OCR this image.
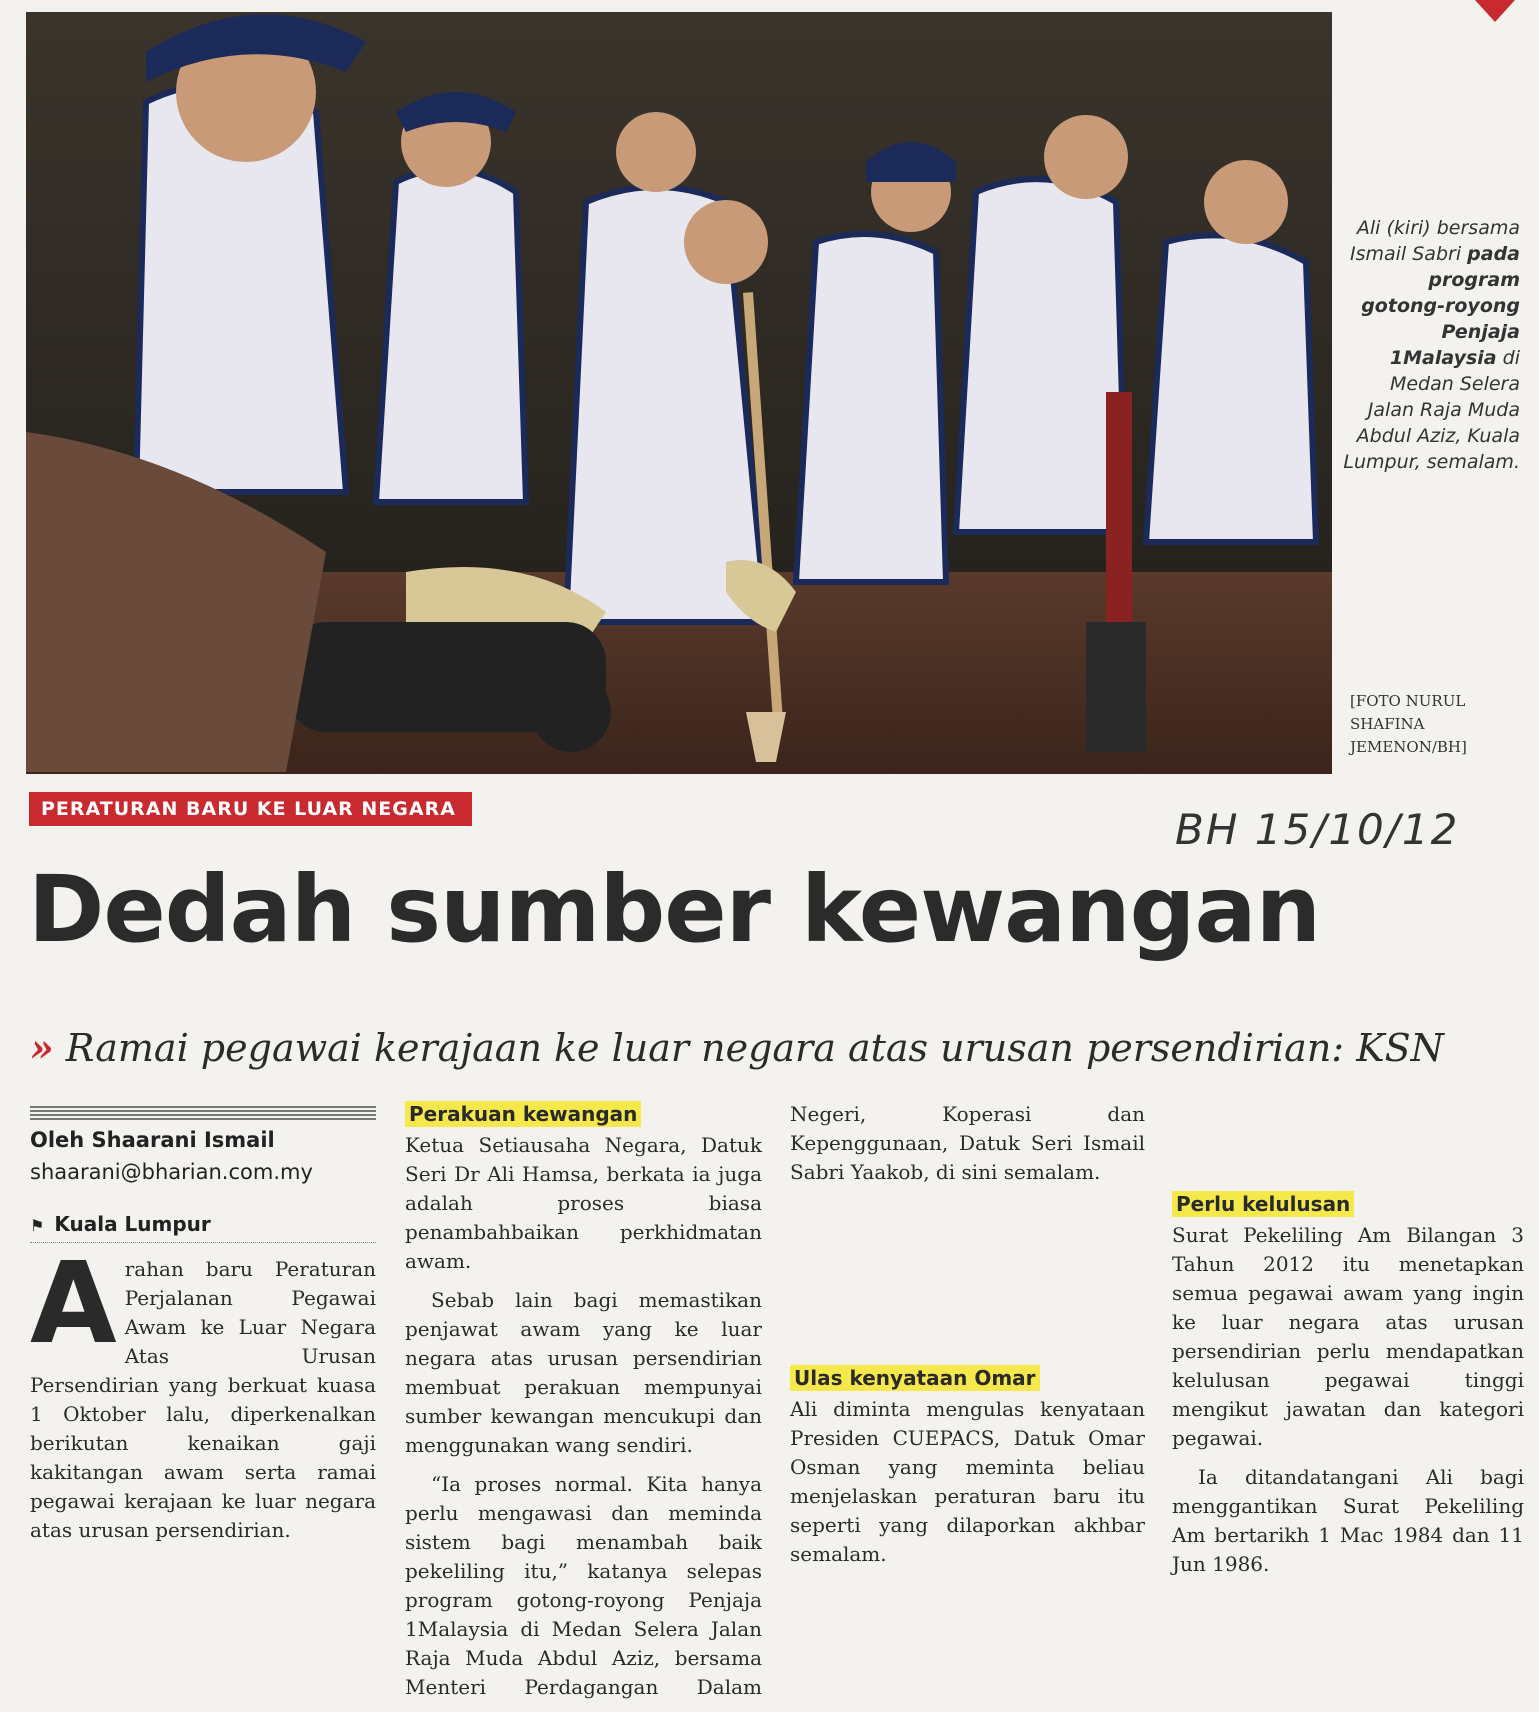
Ali (kiri) bersama Ismail Sabri pada program gotong-royong Penjaja 1Malaysia di Medan Selera Jalan Raja Muda Abdul Aziz, Kuala Lumpur, semalam.
[FOTO NURUL SHAFINA JEMENON/BH]
PERATURAN BARU KE LUAR NEGARA	BH 15/10/12
Dedah sumber kewangan
» Ramai pegawai kerajaan ke luar negara atas urusan persendirian: KSN
Oleh Shaarani Ismail
shaarani@bharian.com.my
⚑ Kuala Lumpur

Arahan baru Peraturan Perjalanan Pegawai Awam ke Luar Negara Atas Urusan Persendirian yang berkuat kuasa 1 Oktober lalu, diperkenalkan berikutan kenaikan gaji kakitangan awam serta ramai pegawai kerajaan ke luar negara atas urusan persendirian.

Perakuan kewangan

Ketua Setiausaha Negara, Datuk Seri Dr Ali Hamsa, berkata ia juga adalah proses biasa penambahbaikan perkhidmatan awam.

Sebab lain bagi memastikan penjawat awam yang ke luar negara atas urusan persendirian membuat perakuan mempunyai sumber kewangan mencukupi dan menggunakan wang sendiri.

“Ia proses normal. Kita hanya perlu mengawasi dan meminda sistem bagi menambah baik pekeliling itu,” katanya selepas program gotong-royong Penjaja 1Malaysia di Medan Selera Jalan Raja Muda Abdul Aziz, bersama Menteri Perdagangan Dalam

Negeri, Koperasi dan Kepenggunaan, Datuk Seri Ismail Sabri Yaakob, di sini semalam.

Ulas kenyataan Omar

Ali diminta mengulas kenyataan Presiden CUEPACS, Datuk Omar Osman yang meminta beliau menjelaskan peraturan baru itu seperti yang dilaporkan akhbar semalam.

Perlu kelulusan

Surat Pekeliling Am Bilangan 3 Tahun 2012 itu menetapkan semua pegawai awam yang ingin ke luar negara atas urusan persendirian perlu mendapatkan kelulusan pegawai tinggi mengikut jawatan dan kategori pegawai.

Ia ditandatangani Ali bagi menggantikan Surat Pekeliling Am bertarikh 1 Mac 1984 dan 11 Jun 1986.
